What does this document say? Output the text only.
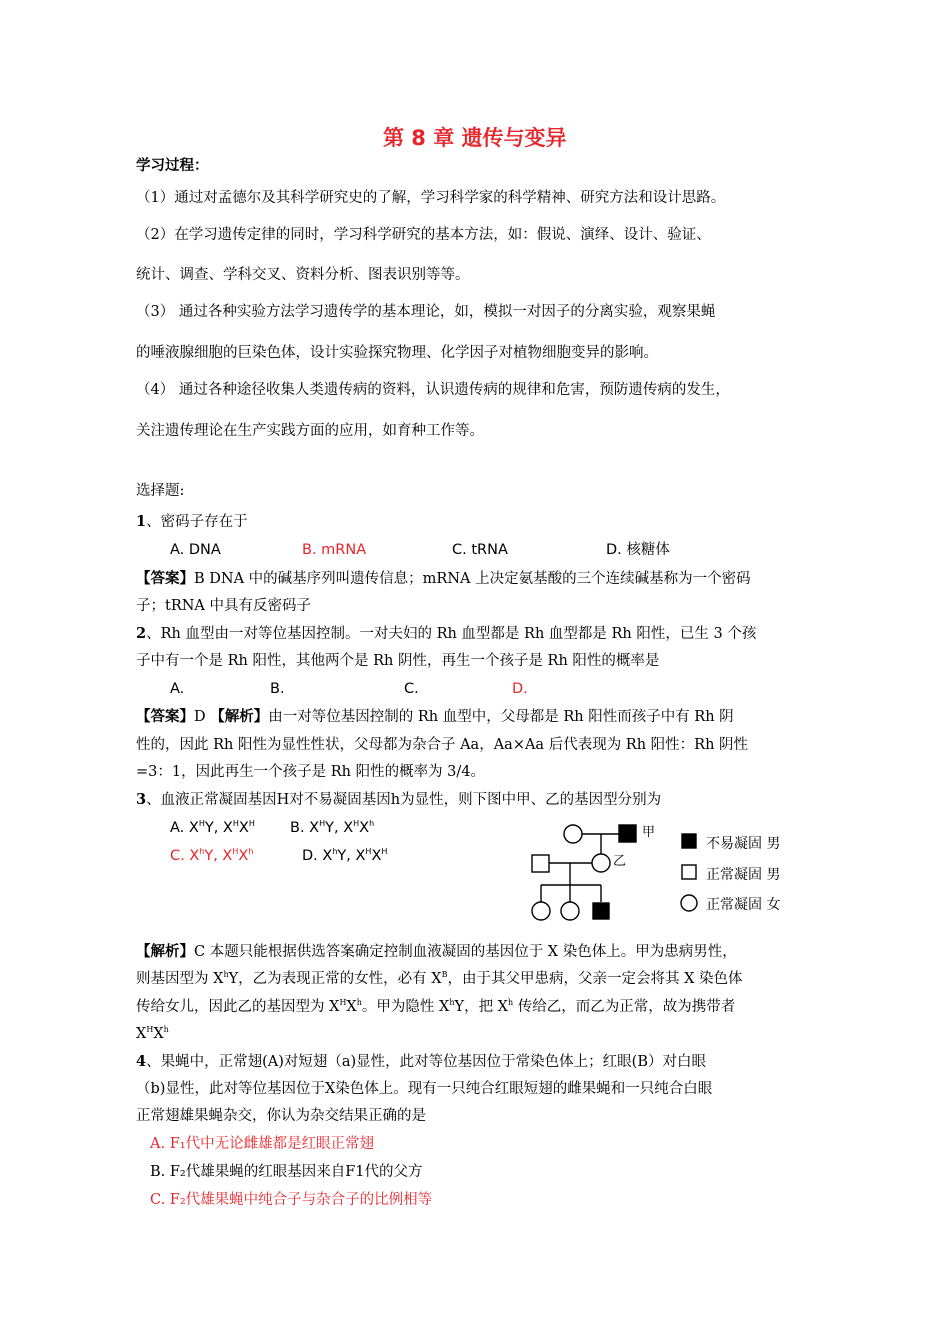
第 8 章 遗传与变异
学习过程：
（1）通过对孟德尔及其科学研究史的了解，学习科学家的科学精神、研究方法和设计思路。
（2）在学习遗传定律的同时，学习科学研究的基本方法，如：假说、演绎、设计、验证、
统计、调查、学科交叉、资料分析、图表识别等等。
（3） 通过各种实验方法学习遗传学的基本理论，如，模拟一对因子的分离实验，观察果蝇
的唾液腺细胞的巨染色体，设计实验探究物理、化学因子对植物细胞变异的影响。
（4） 通过各种途径收集人类遗传病的资料，认识遗传病的规律和危害，预防遗传病的发生，
关注遗传理论在生产实践方面的应用，如育种工作等。
选择题:
1、密码子存在于
A. DNA	B. mRNA	C. tRNA	D. 核糖体
【答案】B DNA 中的碱基序列叫遗传信息；mRNA 上决定氨基酸的三个连续碱基称为一个密码
子；tRNA 中具有反密码子
2、Rh 血型由一对等位基因控制。一对夫妇的 Rh 血型都是 Rh 血型都是 Rh 阳性，已生 3 个孩
子中有一个是 Rh 阳性，其他两个是 Rh 阴性，再生一个孩子是 Rh 阳性的概率是
A.	B.	C.	D.
【答案】D 【解析】由一对等位基因控制的 Rh 血型中，父母都是 Rh 阳性而孩子中有 Rh 阴
性的，因此 Rh 阳性为显性性状，父母都为杂合子 Aa，Aa×Aa 后代表现为 Rh 阳性：Rh 阴性
=3：1，因此再生一个孩子是 Rh 阳性的概率为 3/4。
3、血液正常凝固基因H对不易凝固基因h为显性，则下图中甲、乙的基因型分别为
A. $X^HY$, $X^HX^H$ B. $X^HY$, $X^HX^h$
C. $X^hY$, $X^HX^h$	D. $X^hY$, $X^HX^H$
甲
乙
不易凝固 男
正常凝固 男
正常凝固 女
【解析】C 本题只能根据供选答案确定控制血液凝固的基因位于 X 染色体上。甲为患病男性，
则基因型为 $X^hY$，乙为表现正常的女性，必有 $X^B$，由于其父甲患病，父亲一定会将其 X 染色体
传给女儿，因此乙的基因型为 $X^HX^h$。甲为隐性 $X^hY$，把 $X^h$ 传给乙，而乙为正常，故为携带者
$X^HX^h$
4、果蝇中，正常翅(A)对短翅（a)显性，此对等位基因位于常染色体上；红眼(B）对白眼
（b)显性，此对等位基因位于X染色体上。现有一只纯合红眼短翅的雌果蝇和一只纯合白眼
正常翅雄果蝇杂交，你认为杂交结果正确的是
A. F₁代中无论雌雄都是红眼正常翅
B. F₂代雄果蝇的红眼基因来自F1代的父方
C. F₂代雄果蝇中纯合子与杂合子的比例相等
